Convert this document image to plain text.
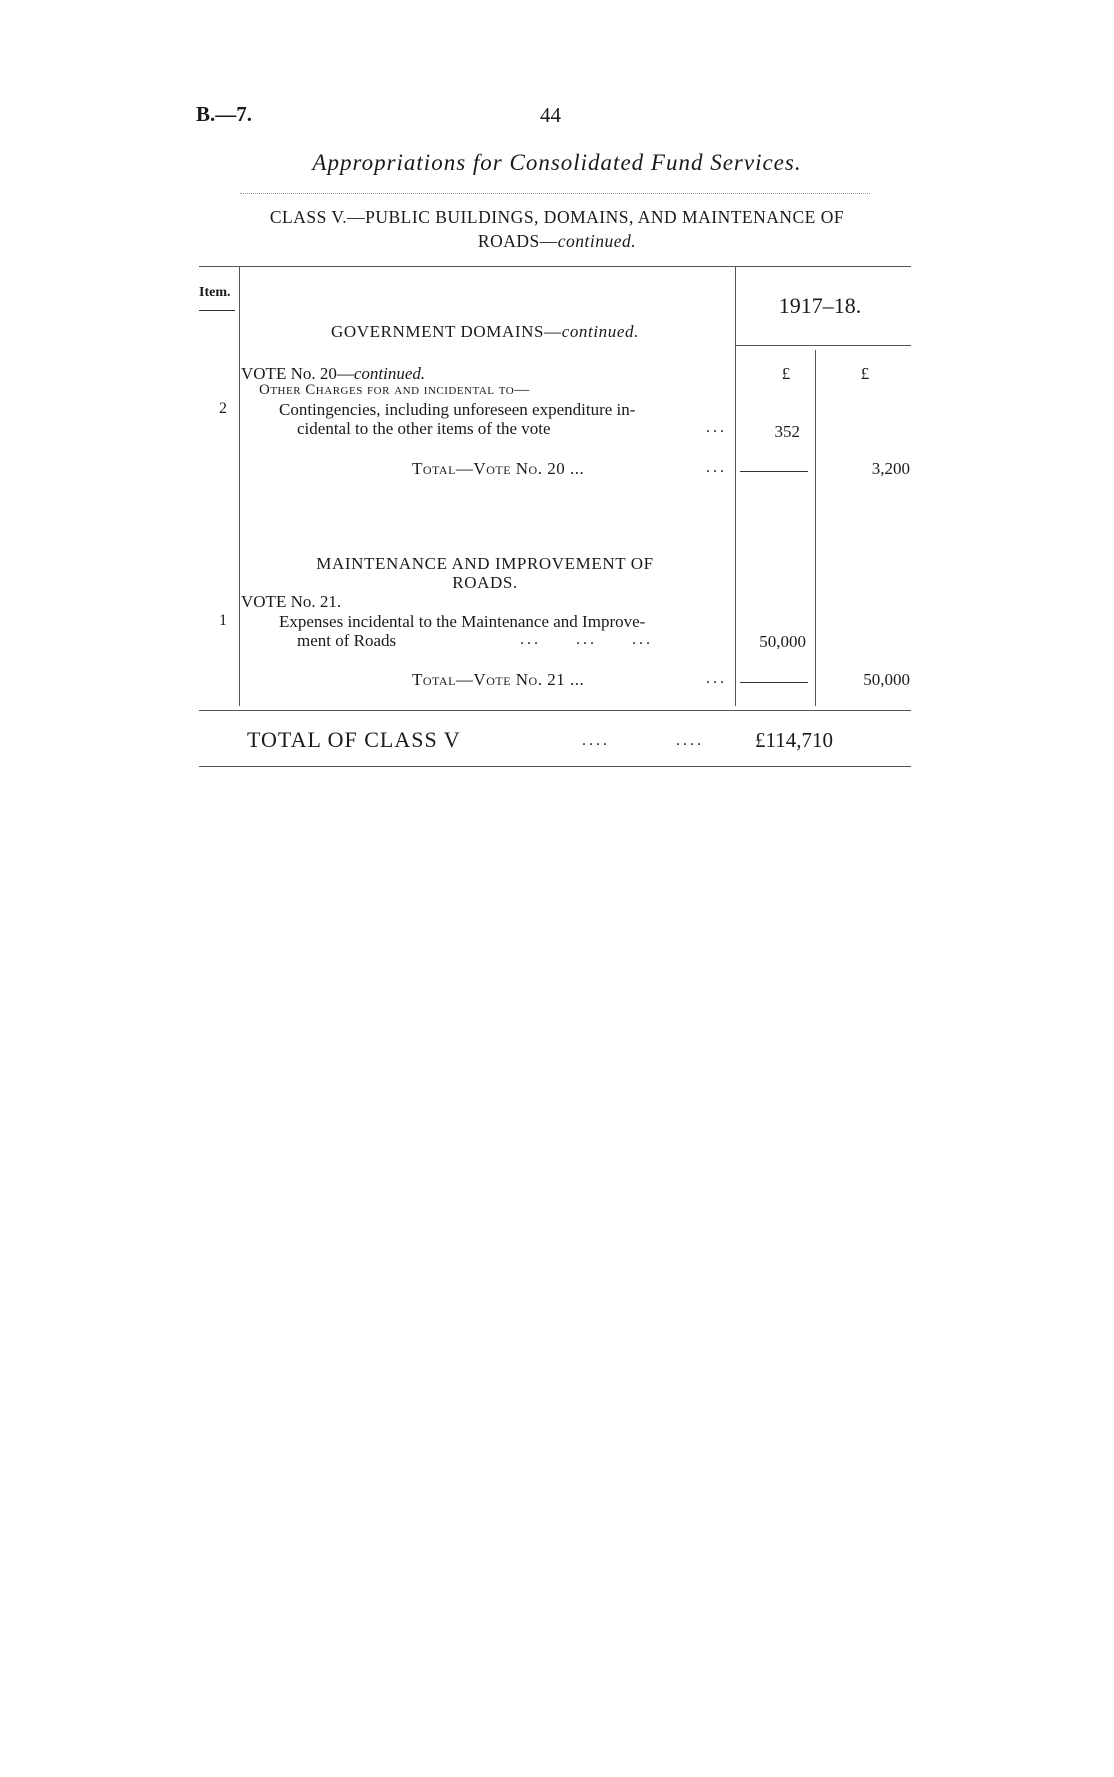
B.—7.	44
Appropriations for Consolidated Fund Services.
CLASS V.—PUBLIC BUILDINGS, DOMAINS, AND MAINTENANCE OF
ROADS—continued.
Item.
1917–18.
GOVERNMENT DOMAINS—continued.
£	£
VOTE No. 20—continued.
Other Charges for and incidental to—
2	Contingencies, including unforeseen expenditure in-
cidental to the other items of the vote	...	352
Total—Vote No. 20 ...	...	3,200
MAINTENANCE AND IMPROVEMENT OF
ROADS.
VOTE No. 21.
1	Expenses incidental to the Maintenance and Improve-
ment of Roads	...     ...     ...	50,000
Total—Vote No. 21 ...	...	50,000
TOTAL OF CLASS V	....	.... £114,710
